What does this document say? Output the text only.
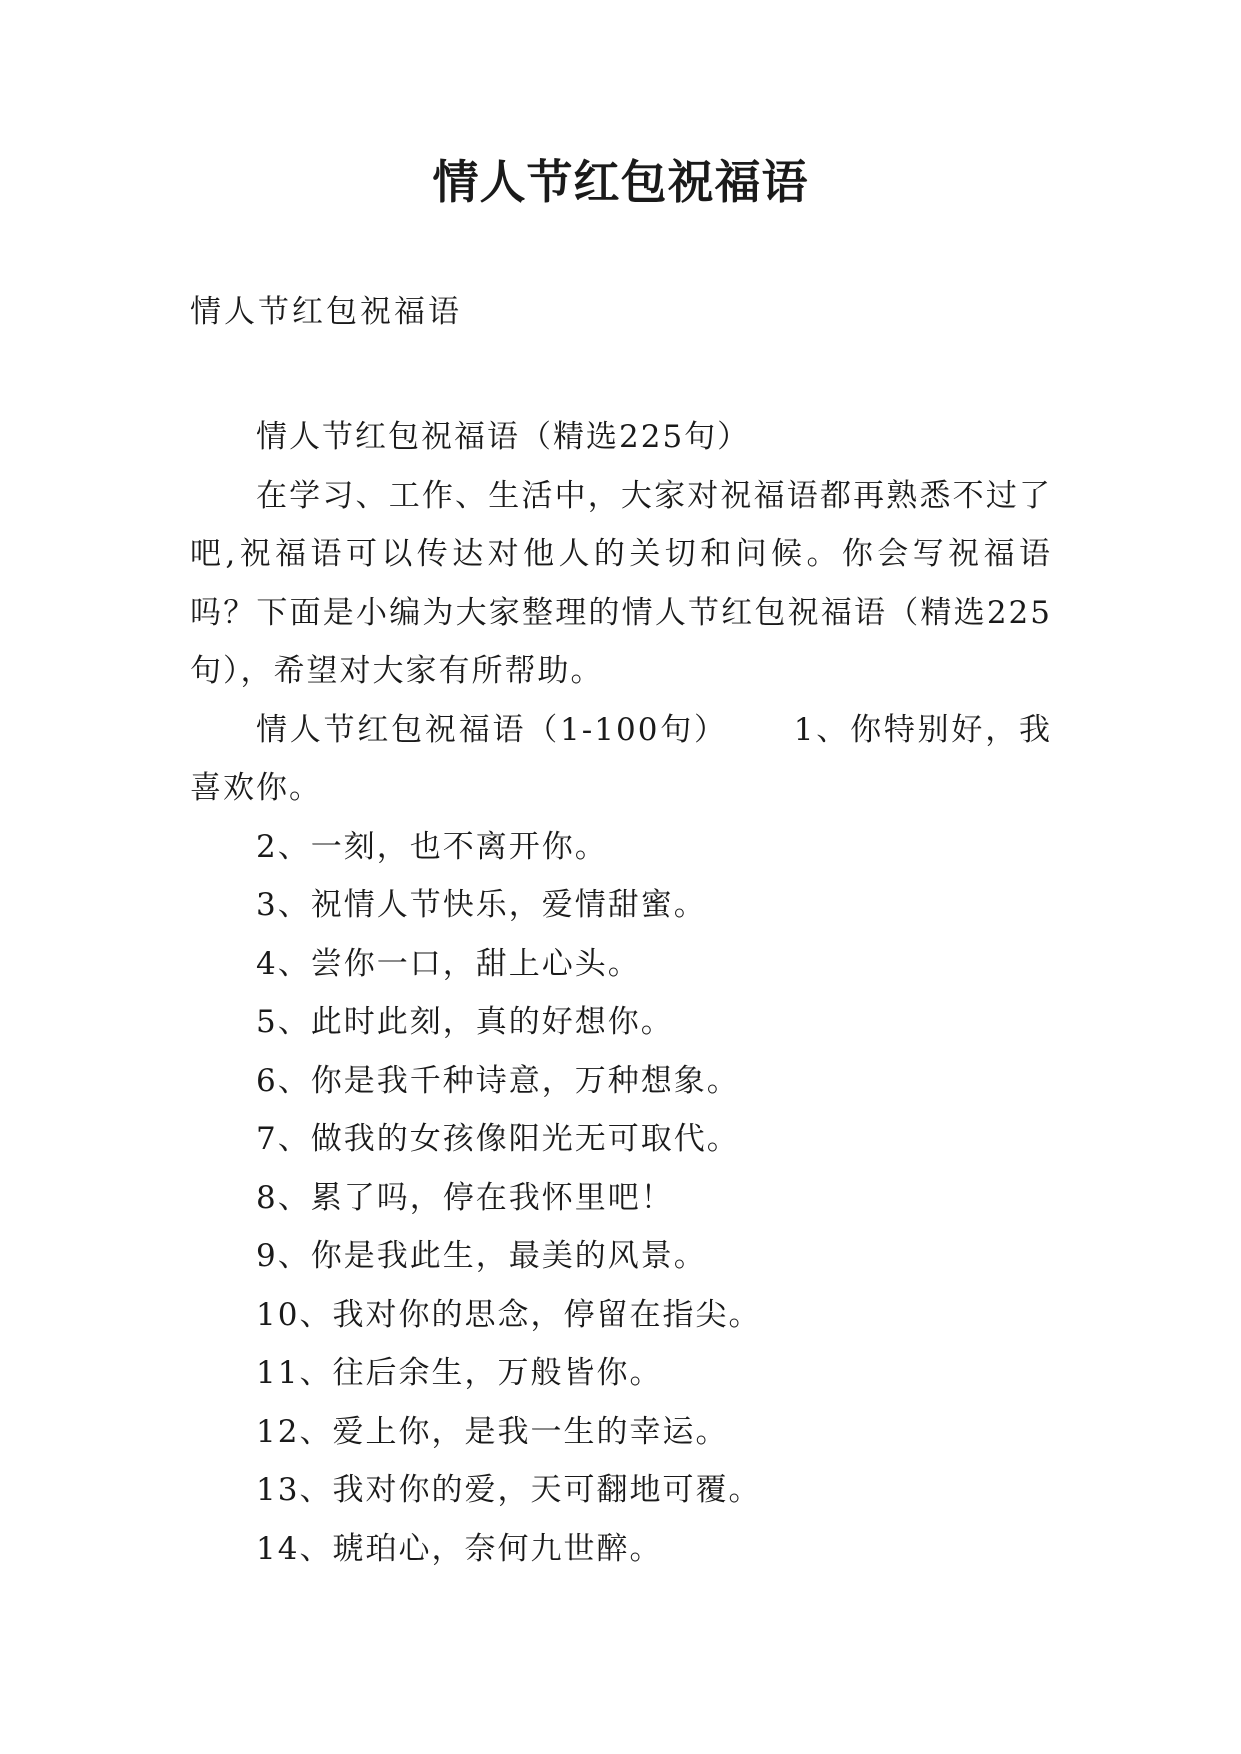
情人节红包祝福语

情人节红包祝福语

情人节红包祝福语（精选225句）

在学习、工作、生活中，大家对祝福语都再熟悉不过了吧,祝福语可以传达对他人的关切和问候。你会写祝福语吗？下面是小编为大家整理的情人节红包祝福语（精选225句），希望对大家有所帮助。

情人节红包祝福语（1-100句） 1、你特别好，我喜欢你。

2、一刻，也不离开你。

3、祝情人节快乐，爱情甜蜜。

4、尝你一口，甜上心头。

5、此时此刻，真的好想你。

6、你是我千种诗意，万种想象。

7、做我的女孩像阳光无可取代。

8、累了吗，停在我怀里吧！

9、你是我此生，最美的风景。

10、我对你的思念，停留在指尖。

11、往后余生，万般皆你。

12、爱上你，是我一生的幸运。

13、我对你的爱，天可翻地可覆。

14、琥珀心，奈何九世醉。
